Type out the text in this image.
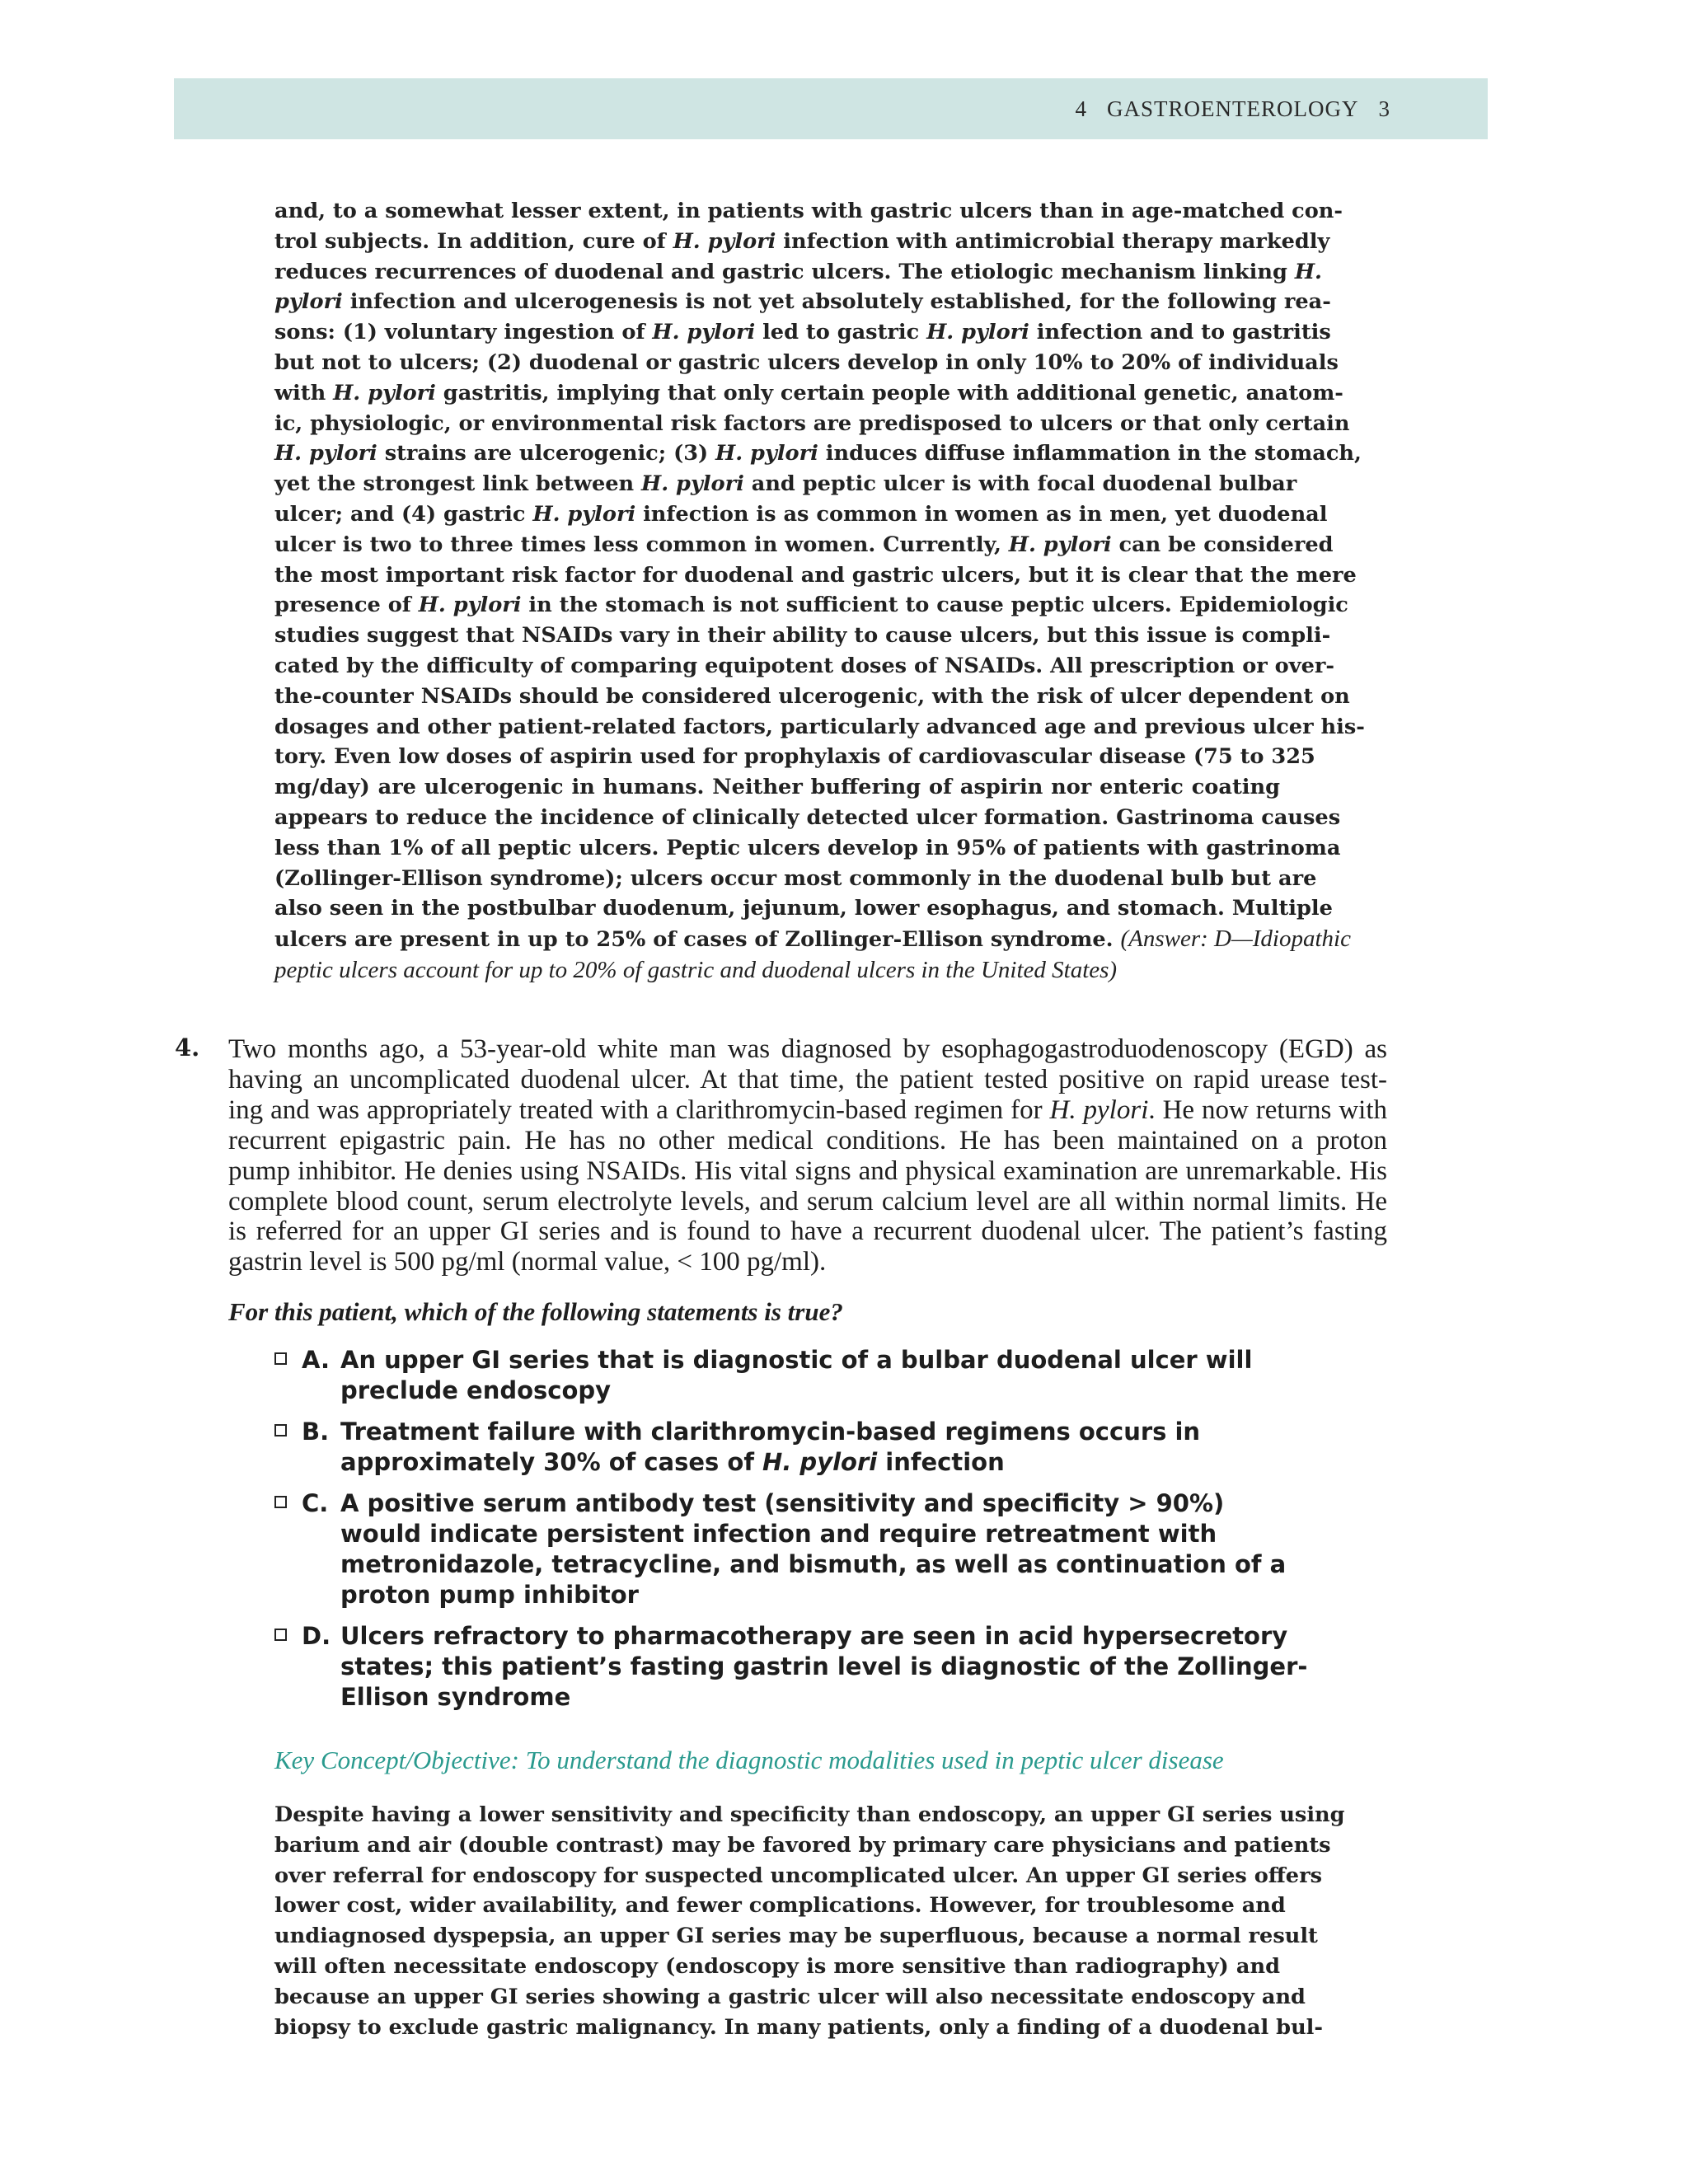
4 GASTROENTEROLOGY 3
and, to a somewhat lesser extent, in patients with gastric ulcers than in age-matched con-
trol subjects. In addition, cure of H. pylori infection with antimicrobial therapy markedly
reduces recurrences of duodenal and gastric ulcers. The etiologic mechanism linking H.
pylori infection and ulcerogenesis is not yet absolutely established, for the following rea-
sons: (1) voluntary ingestion of H. pylori led to gastric H. pylori infection and to gastritis
but not to ulcers; (2) duodenal or gastric ulcers develop in only 10% to 20% of individuals
with H. pylori gastritis, implying that only certain people with additional genetic, anatom-
ic, physiologic, or environmental risk factors are predisposed to ulcers or that only certain
H. pylori strains are ulcerogenic; (3) H. pylori induces diffuse inflammation in the stomach,
yet the strongest link between H. pylori and peptic ulcer is with focal duodenal bulbar
ulcer; and (4) gastric H. pylori infection is as common in women as in men, yet duodenal
ulcer is two to three times less common in women. Currently, H. pylori can be considered
the most important risk factor for duodenal and gastric ulcers, but it is clear that the mere
presence of H. pylori in the stomach is not sufficient to cause peptic ulcers. Epidemiologic
studies suggest that NSAIDs vary in their ability to cause ulcers, but this issue is compli-
cated by the difficulty of comparing equipotent doses of NSAIDs. All prescription or over-
the-counter NSAIDs should be considered ulcerogenic, with the risk of ulcer dependent on
dosages and other patient-related factors, particularly advanced age and previous ulcer his-
tory. Even low doses of aspirin used for prophylaxis of cardiovascular disease (75 to 325
mg/day) are ulcerogenic in humans. Neither buffering of aspirin nor enteric coating
appears to reduce the incidence of clinically detected ulcer formation. Gastrinoma causes
less than 1% of all peptic ulcers. Peptic ulcers develop in 95% of patients with gastrinoma
(Zollinger-Ellison syndrome); ulcers occur most commonly in the duodenal bulb but are
also seen in the postbulbar duodenum, jejunum, lower esophagus, and stomach. Multiple
ulcers are present in up to 25% of cases of Zollinger-Ellison syndrome. (Answer: D—Idiopathic
peptic ulcers account for up to 20% of gastric and duodenal ulcers in the United States)
4. Two months ago, a 53-year-old white man was diagnosed by esophagogastroduodenoscopy (EGD) as
having an uncomplicated duodenal ulcer. At that time, the patient tested positive on rapid urease test-
ing and was appropriately treated with a clarithromycin-based regimen for H. pylori. He now returns with
recurrent epigastric pain. He has no other medical conditions. He has been maintained on a proton
pump inhibitor. He denies using NSAIDs. His vital signs and physical examination are unremarkable. His
complete blood count, serum electrolyte levels, and serum calcium level are all within normal limits. He
is referred for an upper GI series and is found to have a recurrent duodenal ulcer. The patient’s fasting
gastrin level is 500 pg/ml (normal value, < 100 pg/ml).
For this patient, which of the following statements is true?
A. An upper GI series that is diagnostic of a bulbar duodenal ulcer will
preclude endoscopy
B. Treatment failure with clarithromycin-based regimens occurs in
approximately 30% of cases of H. pylori infection
C. A positive serum antibody test (sensitivity and specificity > 90%)
would indicate persistent infection and require retreatment with
metronidazole, tetracycline, and bismuth, as well as continuation of a
proton pump inhibitor
D. Ulcers refractory to pharmacotherapy are seen in acid hypersecretory
states; this patient’s fasting gastrin level is diagnostic of the Zollinger-
Ellison syndrome
Key Concept/Objective: To understand the diagnostic modalities used in peptic ulcer disease
Despite having a lower sensitivity and specificity than endoscopy, an upper GI series using
barium and air (double contrast) may be favored by primary care physicians and patients
over referral for endoscopy for suspected uncomplicated ulcer. An upper GI series offers
lower cost, wider availability, and fewer complications. However, for troublesome and
undiagnosed dyspepsia, an upper GI series may be superfluous, because a normal result
will often necessitate endoscopy (endoscopy is more sensitive than radiography) and
because an upper GI series showing a gastric ulcer will also necessitate endoscopy and
biopsy to exclude gastric malignancy. In many patients, only a finding of a duodenal bul-
